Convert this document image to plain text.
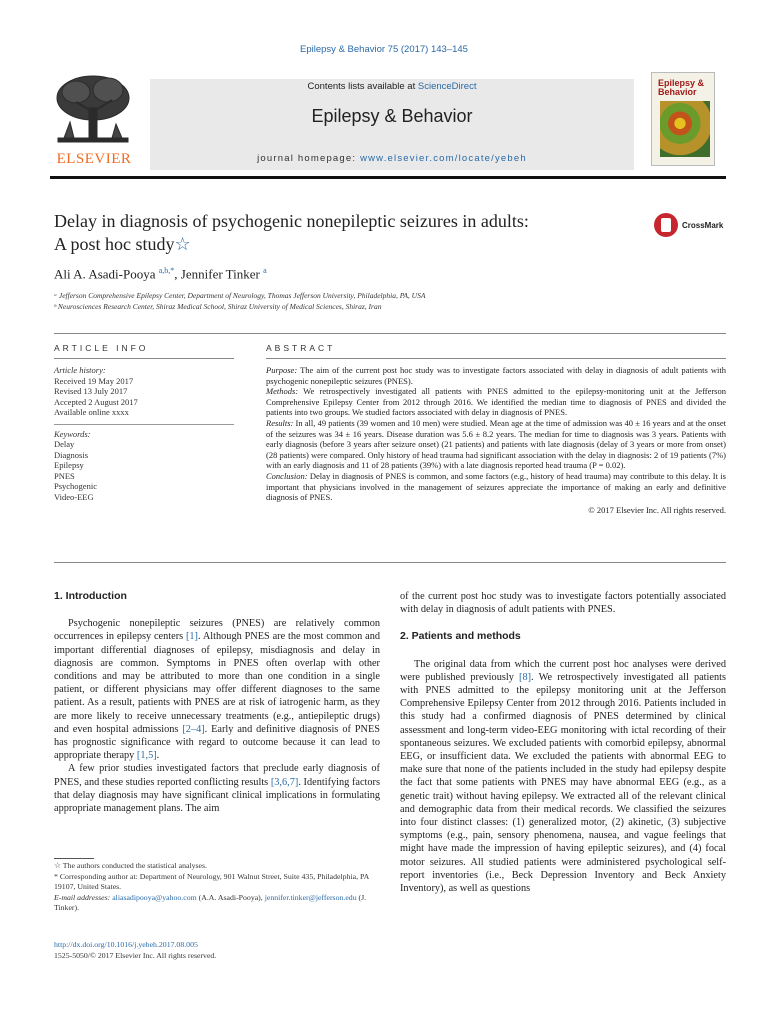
Epilepsy & Behavior 75 (2017) 143–145
ELSEVIER
Contents lists available at ScienceDirect
Epilepsy & Behavior
journal homepage: www.elsevier.com/locate/yebeh
Epilepsy & Behavior
Delay in diagnosis of psychogenic nonepileptic seizures in adults:
A post hoc study☆
CrossMark
Ali A. Asadi-Pooya $^{a,b,*}$, Jennifer Tinker $^a$
ᵃ Jefferson Comprehensive Epilepsy Center, Department of Neurology, Thomas Jefferson University, Philadelphia, PA, USA
ᵇ Neurosciences Research Center, Shiraz Medical School, Shiraz University of Medical Sciences, Shiraz, Iran
ARTICLE INFO	ABSTRACT
Article history:
Received 19 May 2017
Revised 13 July 2017
Accepted 2 August 2017
Available online xxxx
Keywords:
Delay
Diagnosis
Epilepsy
PNES
Psychogenic
Video-EEG

Purpose: The aim of the current post hoc study was to investigate factors associated with delay in diagnosis of adult patients with psychogenic nonepileptic seizures (PNES).

Methods: We retrospectively investigated all patients with PNES admitted to the epilepsy-monitoring unit at the Jefferson Comprehensive Epilepsy Center from 2012 through 2016. We identified the median time to diagnosis of PNES and divided the patients into two groups. We studied factors associated with delay in diagnosis of PNES.

Results: In all, 49 patients (39 women and 10 men) were studied. Mean age at the time of admission was 40 ± 16 years and at the onset of the seizures was 34 ± 16 years. Disease duration was 5.6 ± 8.2 years. The median for time to diagnosis was 3 years. Patients with early diagnosis (before 3 years after seizure onset) (21 patients) and patients with late diagnosis (delay of 3 years or more from onset) (28 patients) were compared. Only history of head trauma had significant association with the delay in diagnosis: 2 of 19 patients (7%) with an early diagnosis and 11 of 28 patients (39%) with a late diagnosis reported head trauma (P = 0.02).

Conclusion: Delay in diagnosis of PNES is common, and some factors (e.g., history of head trauma) may contribute to this delay. It is important that physicians involved in the management of seizures appreciate the importance of making an early and definitive diagnosis of PNES.

© 2017 Elsevier Inc. All rights reserved.

1. Introduction

Psychogenic nonepileptic seizures (PNES) are relatively common occurrences in epilepsy centers [1]. Although PNES are the most common and important differential diagnoses of epilepsy, misdiagnosis and delay in diagnosis are common. Symptoms in PNES often overlap with other conditions and may be attributed to more than one condition in a single patient, or different physicians may offer different diagnoses to the same patient. As a result, patients with PNES are at risk of iatrogenic harm, as they are more likely to receive unnecessary treatments (e.g., antiepileptic drugs) and even hospital admissions [2–4]. Early and definitive diagnosis of PNES has prognostic significance with regard to outcome because it can lead to appropriate therapy [1,5].

A few prior studies investigated factors that preclude early diagnosis of PNES, and these studies reported conflicting results [3,6,7]. Identifying factors that delay diagnosis may have significant clinical implications in formulating appropriate management plans. The aim

☆ The authors conducted the statistical analyses.

* Corresponding author at: Department of Neurology, 901 Walnut Street, Suite 435, Philadelphia, PA 19107, United States.

E-mail addresses: aliasadipooya@yahoo.com (A.A. Asadi-Pooya), jennifer.tinker@jefferson.edu (J. Tinker).

http://dx.doi.org/10.1016/j.yebeh.2017.08.005
1525-5050/© 2017 Elsevier Inc. All rights reserved.

of the current post hoc study was to investigate factors potentially associated with delay in diagnosis of adult patients with PNES.

2. Patients and methods

The original data from which the current post hoc analyses were derived were published previously [8]. We retrospectively investigated all patients with PNES admitted to the epilepsy monitoring unit at the Jefferson Comprehensive Epilepsy Center from 2012 through 2016. Patients included in this study had a confirmed diagnosis of PNES determined by clinical assessment and long-term video-EEG monitoring with ictal recording of their spontaneous seizures. We excluded patients with comorbid epilepsy, abnormal EEG, or insufficient data. We excluded the patients with abnormal EEG to make sure that none of the patients included in the study had epilepsy despite the fact that some patients with PNES may have abnormal EEG (e.g., as a genetic trait) without having epilepsy. We extracted all of the relevant clinical and demographic data from their medical records. We classified the seizures into four distinct classes: (1) generalized motor, (2) akinetic, (3) subjective symptoms (e.g., pain, sensory phenomena, nausea, and vague feelings that might have made the impression of having epileptic seizures), and (4) focal motor seizures. All studied patients were administered psychological self-report inventories (i.e., Beck Depression Inventory and Beck Anxiety Inventory), as well as questions
